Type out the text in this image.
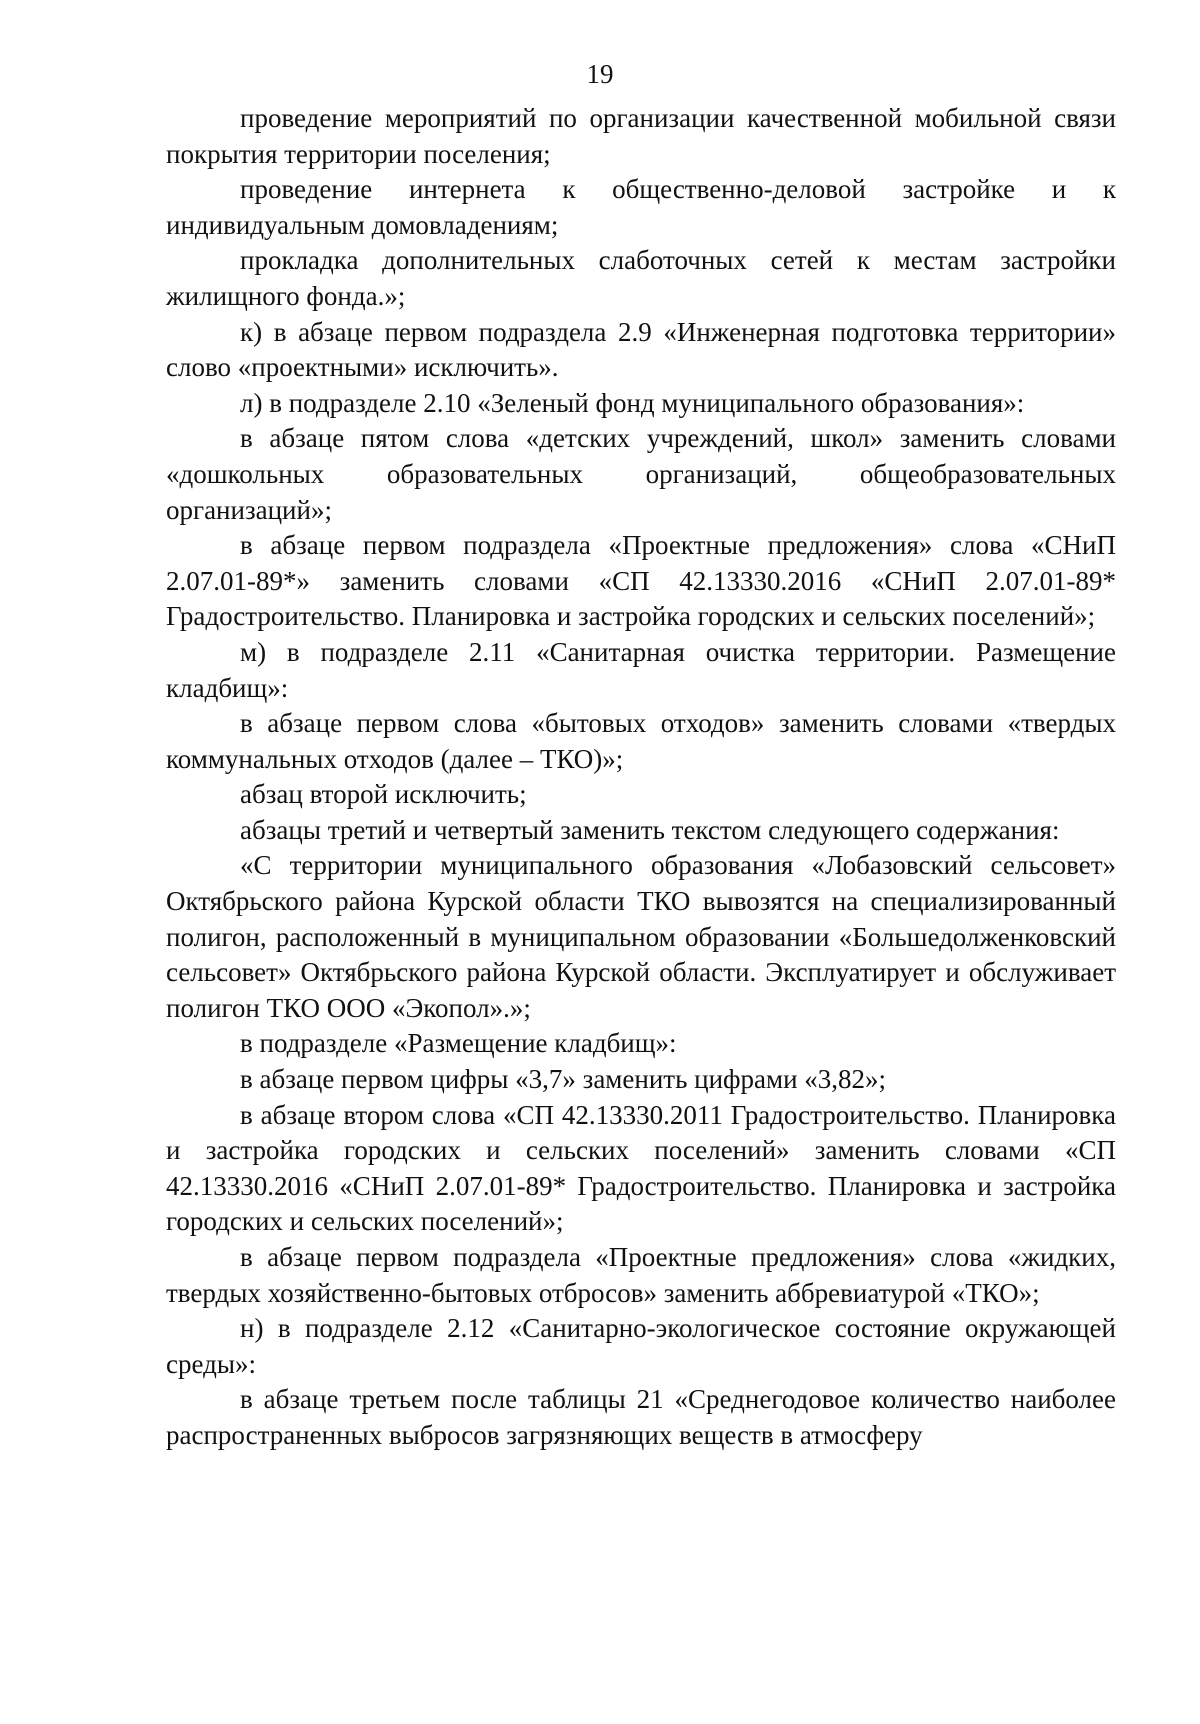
19

проведение мероприятий по организации качественной мобильной связи покрытия территории поселения;

проведение интернета к общественно-деловой застройке и к индивидуальным домовладениям;

прокладка дополнительных слаботочных сетей к местам застройки жилищного фонда.»;

к) в абзаце первом подраздела 2.9 «Инженерная подготовка территории» слово «проектными» исключить».

л) в подразделе 2.10 «Зеленый фонд муниципального образования»:

в абзаце пятом слова «детских учреждений, школ» заменить словами «дошкольных образовательных организаций, общеобразовательных организаций»;

в абзаце первом подраздела «Проектные предложения» слова «СНиП 2.07.01-89*» заменить словами «СП 42.13330.2016 «СНиП 2.07.01-89* Градостроительство. Планировка и застройка городских и сельских поселений»;

м) в подразделе 2.11 «Санитарная очистка территории. Размещение кладбищ»:

в абзаце первом слова «бытовых отходов» заменить словами «твердых коммунальных отходов (далее – ТКО)»;

абзац второй исключить;

абзацы третий и четвертый заменить текстом следующего содержания:

«С территории муниципального образования «Лобазовский сельсовет» Октябрьского района Курской области ТКО вывозятся на специализированный полигон, расположенный в муниципальном образовании «Большедолженковский сельсовет» Октябрьского района Курской области. Эксплуатирует и обслуживает полигон ТКО ООО «Экопол».»;

в подразделе «Размещение кладбищ»:

в абзаце первом цифры «3,7» заменить цифрами «3,82»;

в абзаце втором слова «СП 42.13330.2011 Градостроительство. Планировка и застройка городских и сельских поселений» заменить словами «СП 42.13330.2016 «СНиП 2.07.01-89* Градостроительство. Планировка и застройка городских и сельских поселений»;

в абзаце первом подраздела «Проектные предложения» слова «жидких, твердых хозяйственно-бытовых отбросов» заменить аббревиатурой «ТКО»;

н) в подразделе 2.12 «Санитарно-экологическое состояние окружающей среды»:

в абзаце третьем после таблицы 21 «Среднегодовое количество наиболее распространенных выбросов загрязняющих веществ в атмосферу
